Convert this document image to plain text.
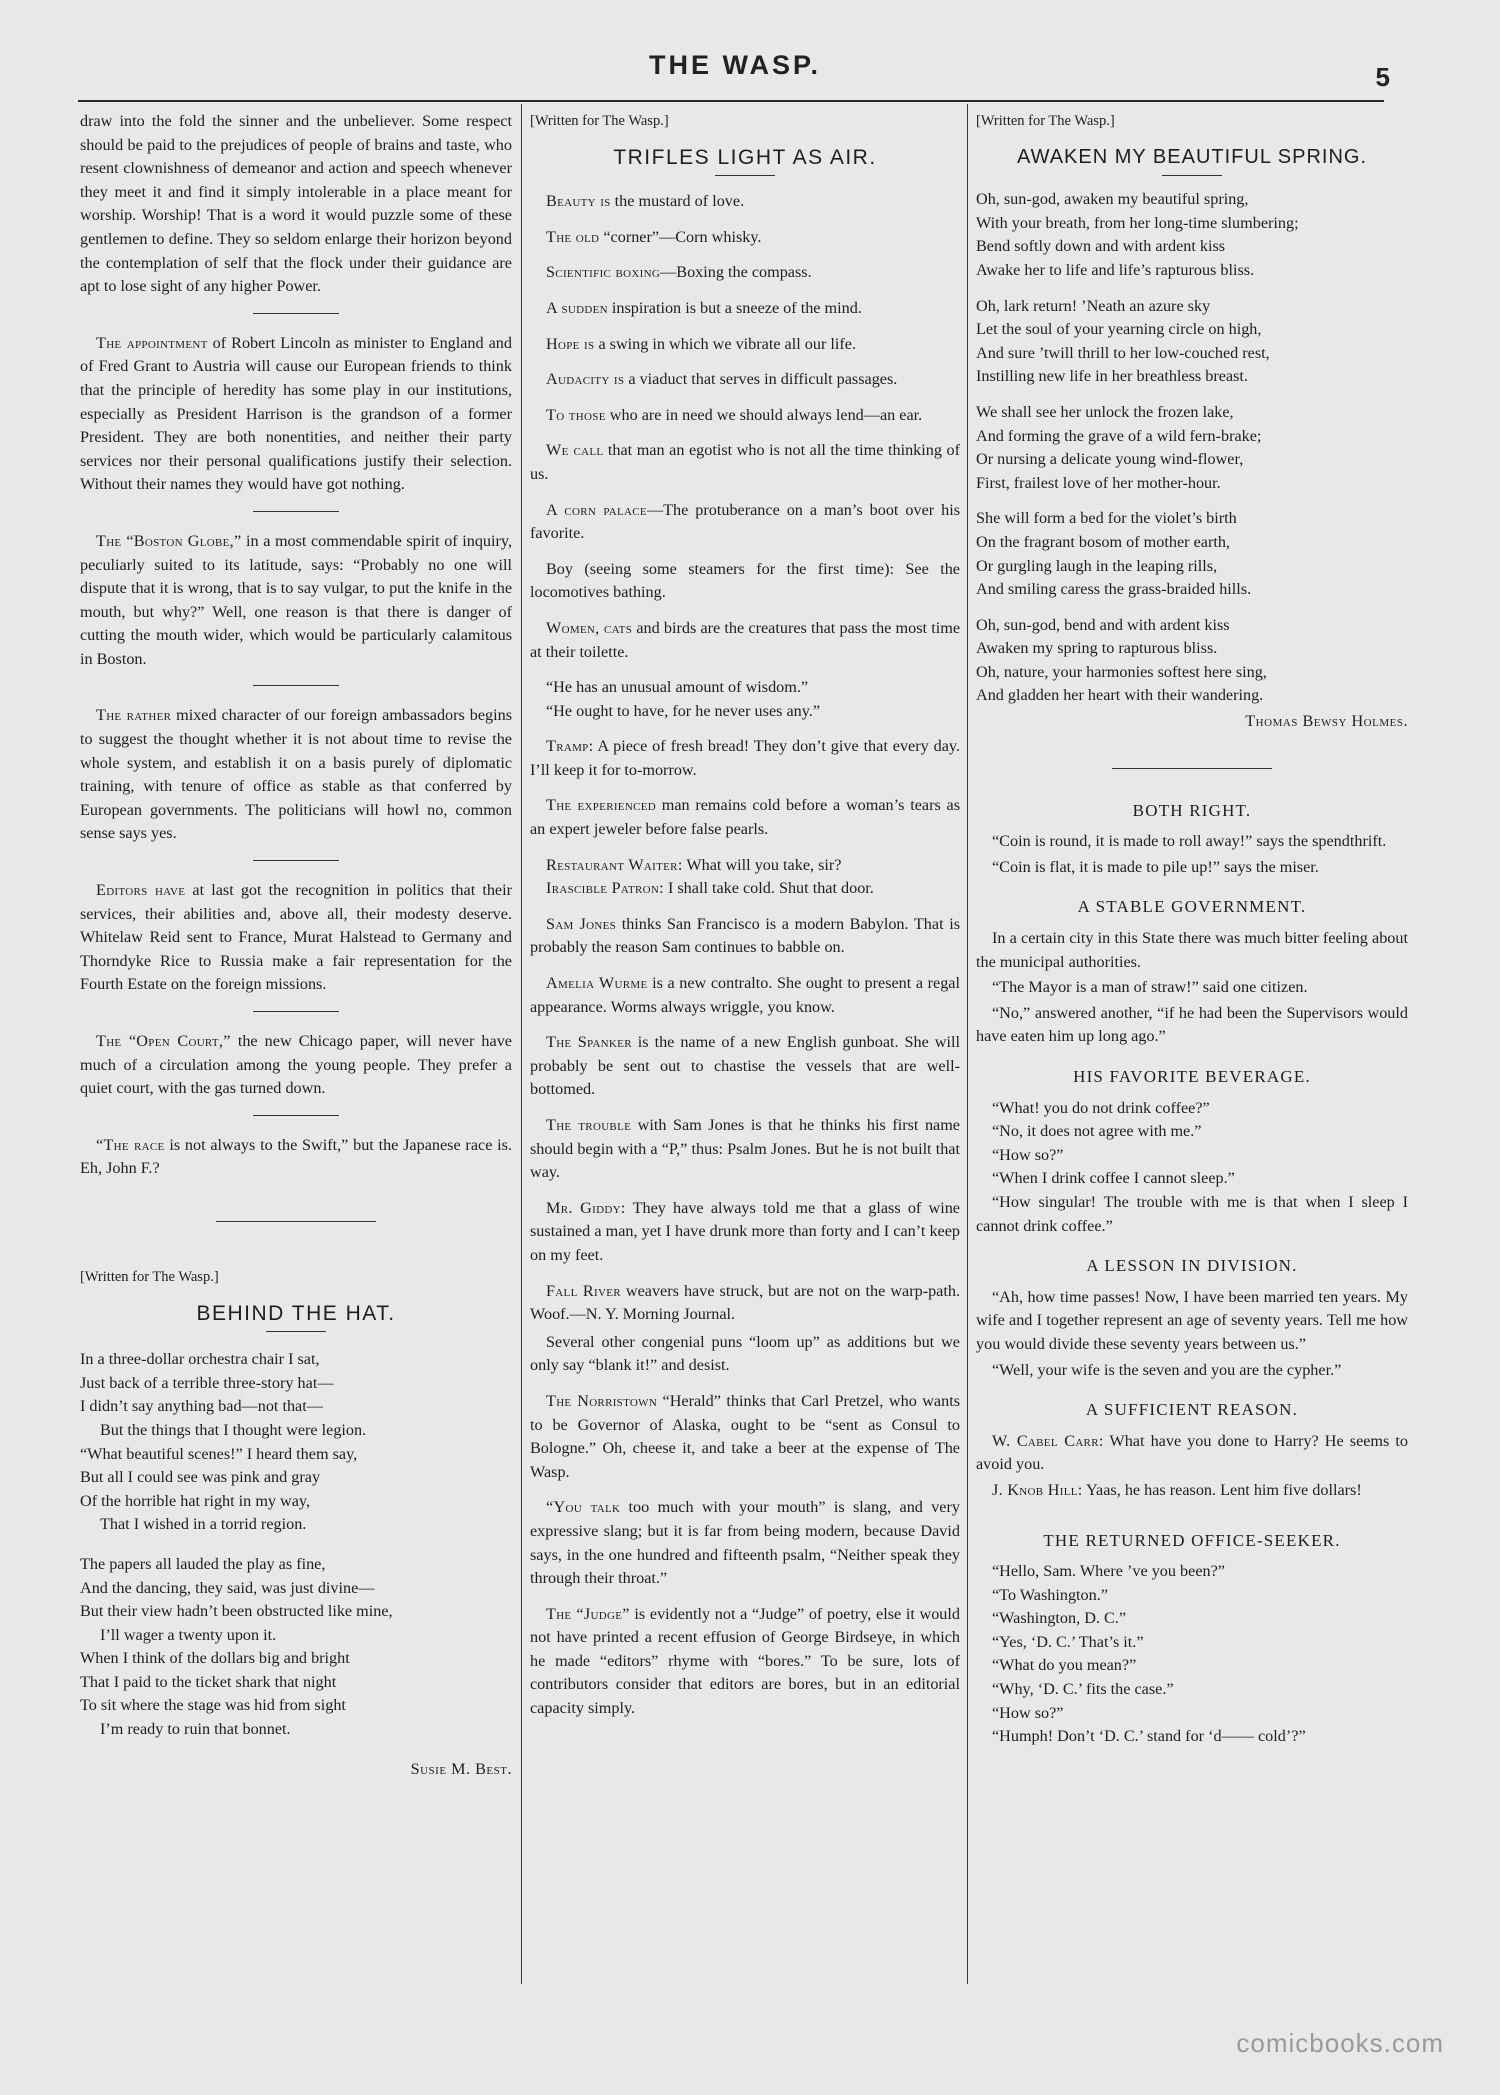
THE WASP.	5

draw into the fold the sinner and the unbeliever. Some respect should be paid to the prejudices of people of brains and taste, who resent clownishness of demeanor and action and speech whenever they meet it and find it simply intolerable in a place meant for worship. Worship! That is a word it would puzzle some of these gentlemen to define. They so seldom enlarge their horizon beyond the contemplation of self that the flock under their guidance are apt to lose sight of any higher Power.

The appointment of Robert Lincoln as minister to England and of Fred Grant to Austria will cause our European friends to think that the principle of heredity has some play in our institutions, especially as President Harrison is the grandson of a former President. They are both nonentities, and neither their party services nor their personal qualifications justify their selection. Without their names they would have got nothing.

The “Boston Globe,” in a most commendable spirit of inquiry, peculiarly suited to its latitude, says: “Probably no one will dispute that it is wrong, that is to say vulgar, to put the knife in the mouth, but why?” Well, one reason is that there is danger of cutting the mouth wider, which would be particularly calamitous in Boston.

The rather mixed character of our foreign ambassadors begins to suggest the thought whether it is not about time to revise the whole system, and establish it on a basis purely of diplomatic training, with tenure of office as stable as that conferred by European governments. The politicians will howl no, common sense says yes.

Editors have at last got the recognition in politics that their services, their abilities and, above all, their modesty deserve. Whitelaw Reid sent to France, Murat Halstead to Germany and Thorndyke Rice to Russia make a fair representation for the Fourth Estate on the foreign missions.

The “Open Court,” the new Chicago paper, will never have much of a circulation among the young people. They prefer a quiet court, with the gas turned down.

“The race is not always to the Swift,” but the Japanese race is. Eh, John F.?

[Written for The Wasp.]

BEHIND THE HAT.
In a three-dollar orchestra chair I sat,
Just back of a terrible three-story hat—
I didn’t say anything bad—not that—
But the things that I thought were legion.
“What beautiful scenes!” I heard them say,
But all I could see was pink and gray
Of the horrible hat right in my way,
That I wished in a torrid region.
The papers all lauded the play as fine,
And the dancing, they said, was just divine—
But their view hadn’t been obstructed like mine,
I’ll wager a twenty upon it.
When I think of the dollars big and bright
That I paid to the ticket shark that night
To sit where the stage was hid from sight
I’m ready to ruin that bonnet.
Susie M. Best.

[Written for The Wasp.]

TRIFLES LIGHT AS AIR.

Beauty is the mustard of love.

The old “corner”—Corn whisky.

Scientific boxing—Boxing the compass.

A sudden inspiration is but a sneeze of the mind.

Hope is a swing in which we vibrate all our life.

Audacity is a viaduct that serves in difficult passages.

To those who are in need we should always lend—an ear.

We call that man an egotist who is not all the time thinking of us.

A corn palace—The protuberance on a man’s boot over his favorite.

Boy (seeing some steamers for the first time): See the locomotives bathing.

Women, cats and birds are the creatures that pass the most time at their toilette.

“He has an unusual amount of wisdom.”

“He ought to have, for he never uses any.”

Tramp: A piece of fresh bread! They don’t give that every day. I’ll keep it for to-morrow.

The experienced man remains cold before a woman’s tears as an expert jeweler before false pearls.

Restaurant Waiter: What will you take, sir?

Irascible Patron: I shall take cold. Shut that door.

Sam Jones thinks San Francisco is a modern Babylon. That is probably the reason Sam continues to babble on.

Amelia Wurme is a new contralto. She ought to present a regal appearance. Worms always wriggle, you know.

The Spanker is the name of a new English gunboat. She will probably be sent out to chastise the vessels that are well-bottomed.

The trouble with Sam Jones is that he thinks his first name should begin with a “P,” thus: Psalm Jones. But he is not built that way.

Mr. Giddy: They have always told me that a glass of wine sustained a man, yet I have drunk more than forty and I can’t keep on my feet.

Fall River weavers have struck, but are not on the warp-path. Woof.—N. Y. Morning Journal.

Several other congenial puns “loom up” as additions but we only say “blank it!” and desist.

The Norristown “Herald” thinks that Carl Pretzel, who wants to be Governor of Alaska, ought to be “sent as Consul to Bologne.” Oh, cheese it, and take a beer at the expense of The Wasp.

“You talk too much with your mouth” is slang, and very expressive slang; but it is far from being modern, because David says, in the one hundred and fifteenth psalm, “Neither speak they through their throat.”

The “Judge” is evidently not a “Judge” of poetry, else it would not have printed a recent effusion of George Birdseye, in which he made “editors” rhyme with “bores.” To be sure, lots of contributors consider that editors are bores, but in an editorial capacity simply.

[Written for The Wasp.]

AWAKEN MY BEAUTIFUL SPRING.
Oh, sun-god, awaken my beautiful spring,
With your breath, from her long-time slumbering;
Bend softly down and with ardent kiss
Awake her to life and life’s rapturous bliss.
Oh, lark return! ’Neath an azure sky
Let the soul of your yearning circle on high,
And sure ’twill thrill to her low-couched rest,
Instilling new life in her breathless breast.
We shall see her unlock the frozen lake,
And forming the grave of a wild fern-brake;
Or nursing a delicate young wind-flower,
First, frailest love of her mother-hour.
She will form a bed for the violet’s birth
On the fragrant bosom of mother earth,
Or gurgling laugh in the leaping rills,
And smiling caress the grass-braided hills.
Oh, sun-god, bend and with ardent kiss
Awaken my spring to rapturous bliss.
Oh, nature, your harmonies softest here sing,
And gladden her heart with their wandering.
Thomas Bewsy Holmes.
BOTH RIGHT.

“Coin is round, it is made to roll away!” says the spendthrift.

“Coin is flat, it is made to pile up!” says the miser.

A STABLE GOVERNMENT.

In a certain city in this State there was much bitter feeling about the municipal authorities.

“The Mayor is a man of straw!” said one citizen.

“No,” answered another, “if he had been the Supervisors would have eaten him up long ago.”

HIS FAVORITE BEVERAGE.

“What! you do not drink coffee?”

“No, it does not agree with me.”

“How so?”

“When I drink coffee I cannot sleep.”

“How singular! The trouble with me is that when I sleep I cannot drink coffee.”

A LESSON IN DIVISION.

“Ah, how time passes! Now, I have been married ten years. My wife and I together represent an age of seventy years. Tell me how you would divide these seventy years between us.”

“Well, your wife is the seven and you are the cypher.”

A SUFFICIENT REASON.

W. Cabel Carr: What have you done to Harry? He seems to avoid you.

J. Knob Hill: Yaas, he has reason. Lent him five dollars!

THE RETURNED OFFICE-SEEKER.

“Hello, Sam. Where ’ve you been?”

“To Washington.”

“Washington, D. C.”

“Yes, ‘D. C.’ That’s it.”

“What do you mean?”

“Why, ‘D. C.’ fits the case.”

“How so?”

“Humph! Don’t ‘D. C.’ stand for ‘d—— cold’?”

comicbooks.com
